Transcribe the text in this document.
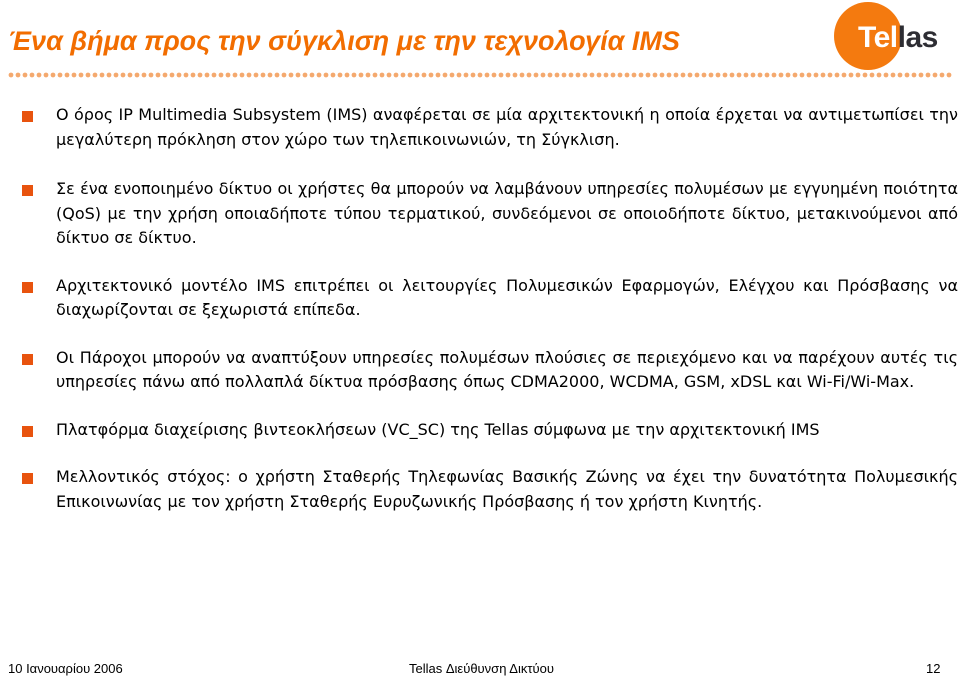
Ένα βήμα προς την σύγκλιση με την τεχνολογία IMS	Tellas

Ο όρος IP Multimedia Subsystem (IMS) αναφέρεται σε μία αρχιτεκτονική η οποία έρχεται να αντιμετωπίσει την μεγαλύτερη πρόκληση στον χώρο των τηλεπικοινωνιών, τη Σύγκλιση.

Σε ένα ενοποιημένο δίκτυο οι χρήστες θα μπορούν να λαμβάνουν υπηρεσίες πολυμέσων με εγγυημένη ποιότητα (QoS) με την χρήση οποιαδήποτε τύπου τερματικού, συνδεόμενοι σε οποιοδήποτε δίκτυο, μετακινούμενοι από δίκτυο σε δίκτυο.

Αρχιτεκτονικό μοντέλο IMS επιτρέπει οι λειτουργίες Πολυμεσικών Εφαρμογών, Ελέγχου και Πρόσβασης να διαχωρίζονται σε ξεχωριστά επίπεδα.

Οι Πάροχοι μπορούν να αναπτύξουν υπηρεσίες πολυμέσων πλούσιες σε περιεχόμενο και να παρέχουν αυτές τις υπηρεσίες πάνω από πολλαπλά δίκτυα πρόσβασης όπως CDMA2000, WCDMA, GSM, xDSL και Wi-Fi/Wi-Max.

Πλατφόρμα διαχείρισης βιντεοκλήσεων (VC_SC) της Tellas σύμφωνα με την αρχιτεκτονική IMS

Μελλοντικός στόχος: ο χρήστη Σταθερής Τηλεφωνίας Βασικής Ζώνης να έχει την δυνατότητα Πολυμεσικής Επικοινωνίας με τον χρήστη Σταθερής Ευρυζωνικής Πρόσβασης ή τον χρήστη Κινητής.

10 Ιανουαρίου 2006	Tellas Διεύθυνση Δικτύου	12
